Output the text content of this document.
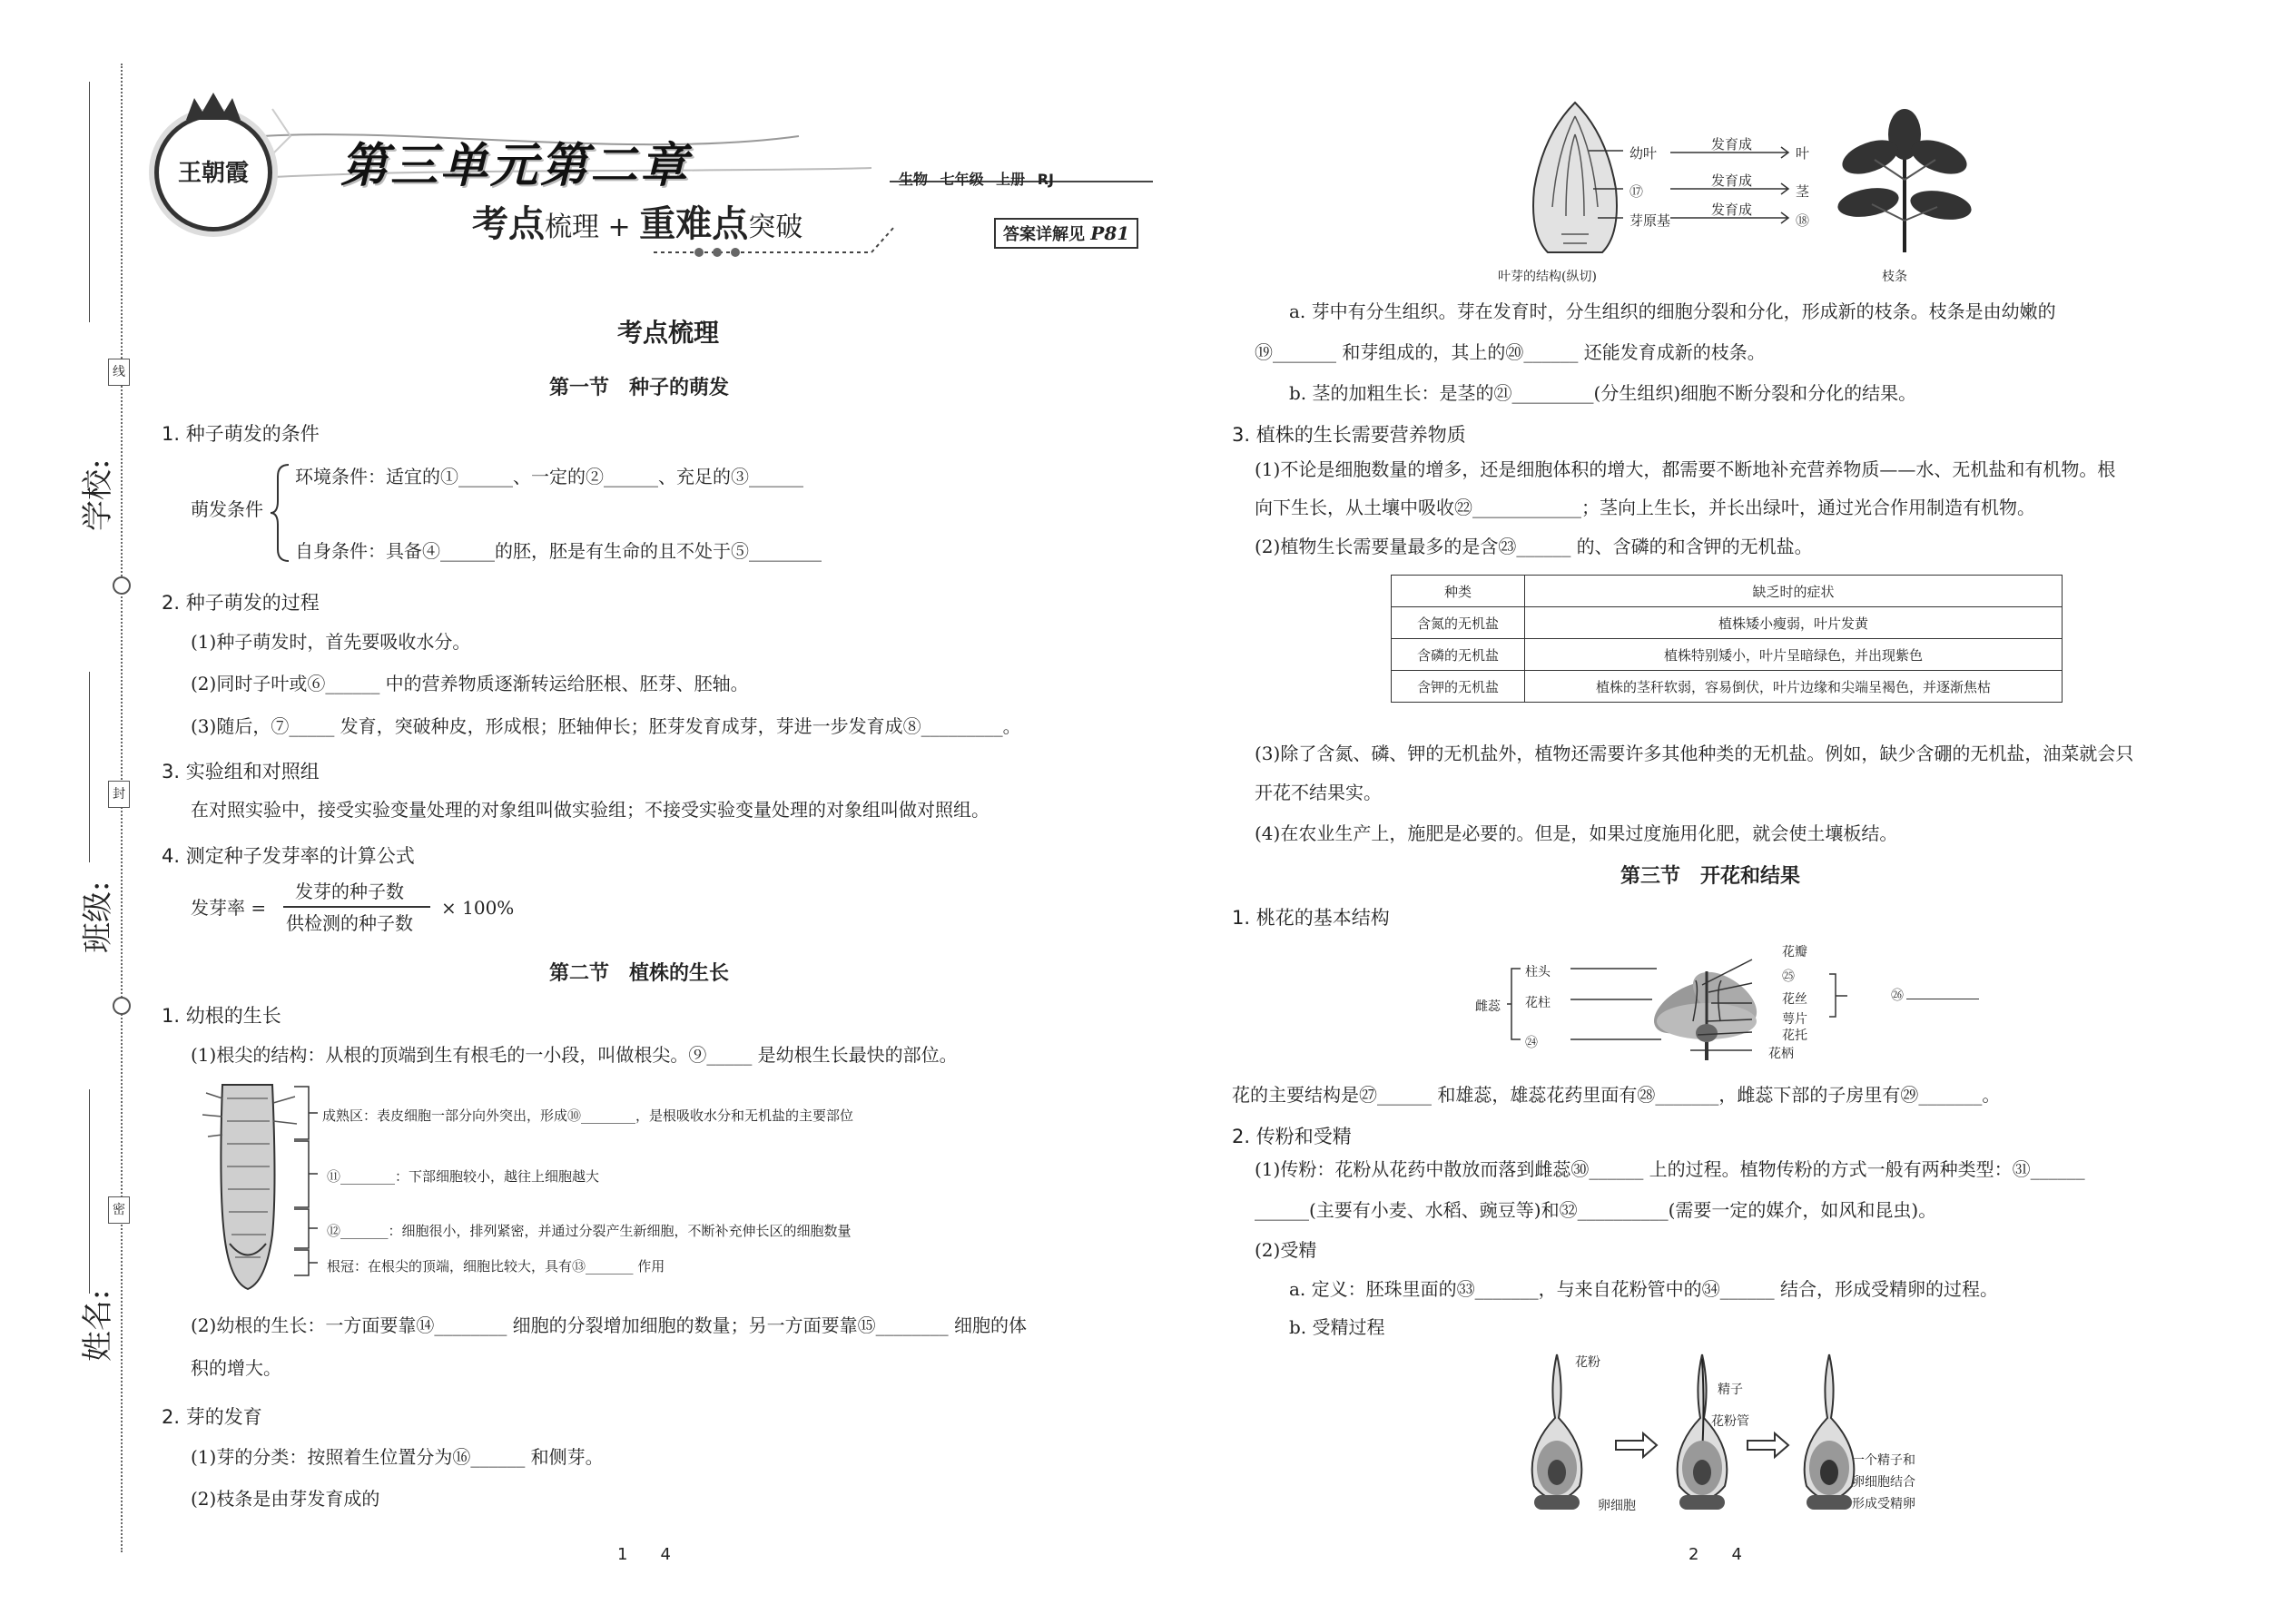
学校:
班级:
姓名:
线
封
密
王朝霞	第三单元第二章
考点梳理 + 重难点突破
生物 七年级 上册 RJ
答案详解见 P81
考点梳理
第一节　种子的萌发
1. 种子萌发的条件
萌发条件
环境条件：适宜的①______、一定的②______、充足的③______
自身条件：具备④______的胚，胚是有生命的且不处于⑤________
2. 种子萌发的过程
(1)种子萌发时，首先要吸收水分。
(2)同时子叶或⑥______ 中的营养物质逐渐转运给胚根、胚芽、胚轴。
(3)随后，⑦_____ 发育，突破种皮，形成根；胚轴伸长；胚芽发育成芽，芽进一步发育成⑧_________。
3. 实验组和对照组
在对照实验中，接受实验变量处理的对象组叫做实验组；不接受实验变量处理的对象组叫做对照组。
4. 测定种子发芽率的计算公式
发芽率 =
发芽的种子数
供检测的种子数
× 100%
第二节　植株的生长
1. 幼根的生长
(1)根尖的结构：从根的顶端到生有根毛的一小段，叫做根尖。⑨_____ 是幼根生长最快的部位。
成熟区：表皮细胞一部分向外突出，形成⑩________，是根吸收水分和无机盐的主要部位
⑪________：下部细胞较小，越往上细胞越大
⑫_______：细胞很小，排列紧密，并通过分裂产生新细胞，不断补充伸长区的细胞数量
根冠：在根尖的顶端，细胞比较大，具有⑬_______ 作用
(2)幼根的生长：一方面要靠⑭________ 细胞的分裂增加细胞的数量；另一方面要靠⑮________ 细胞的体
积的增大。
2. 芽的发育
(1)芽的分类：按照着生位置分为⑯______ 和侧芽。
(2)枝条是由芽发育成的
1　　4
幼叶
⑰
芽原基
发育成
发育成
发育成
叶
茎
⑱
叶芽的结构(纵切)	枝条
a. 芽中有分生组织。芽在发育时，分生组织的细胞分裂和分化，形成新的枝条。枝条是由幼嫩的
⑲_______ 和芽组成的，其上的⑳______ 还能发育成新的枝条。
b. 茎的加粗生长：是茎的㉑_________(分生组织)细胞不断分裂和分化的结果。
3. 植株的生长需要营养物质
(1)不论是细胞数量的增多，还是细胞体积的增大，都需要不断地补充营养物质——水、无机盐和有机物。根
向下生长，从土壤中吸收㉒____________；茎向上生长，并长出绿叶，通过光合作用制造有机物。
(2)植物生长需要量最多的是含㉓______ 的、含磷的和含钾的无机盐。
种类	缺乏时的症状
含氮的无机盐	植株矮小瘦弱，叶片发黄
含磷的无机盐	植株特别矮小，叶片呈暗绿色，并出现紫色
含钾的无机盐	植株的茎秆软弱，容易倒伏，叶片边缘和尖端呈褐色，并逐渐焦枯
(3)除了含氮、磷、钾的无机盐外，植物还需要许多其他种类的无机盐。例如，缺少含硼的无机盐，油菜就会只
开花不结果实。
(4)在农业生产上，施肥是必要的。但是，如果过度施用化肥，就会使土壤板结。
第三节　开花和结果
1. 桃花的基本结构
雌蕊
柱头
花柱
㉔
花瓣
㉕
花丝
萼片
花托
花柄
㉖
花的主要结构是㉗______ 和雄蕊，雄蕊花药里面有㉘_______，雌蕊下部的子房里有㉙_______。
2. 传粉和受精
(1)传粉：花粉从花药中散放而落到雌蕊㉚______ 上的过程。植物传粉的方式一般有两种类型：㉛______
______(主要有小麦、水稻、豌豆等)和㉜__________(需要一定的媒介，如风和昆虫)。
(2)受精
a. 定义：胚珠里面的㉝_______，与来自花粉管中的㉞______ 结合，形成受精卵的过程。
b. 受精过程
花粉
精子
花粉管
卵细胞
一个精子和
卵细胞结合
形成受精卵
2　　4
